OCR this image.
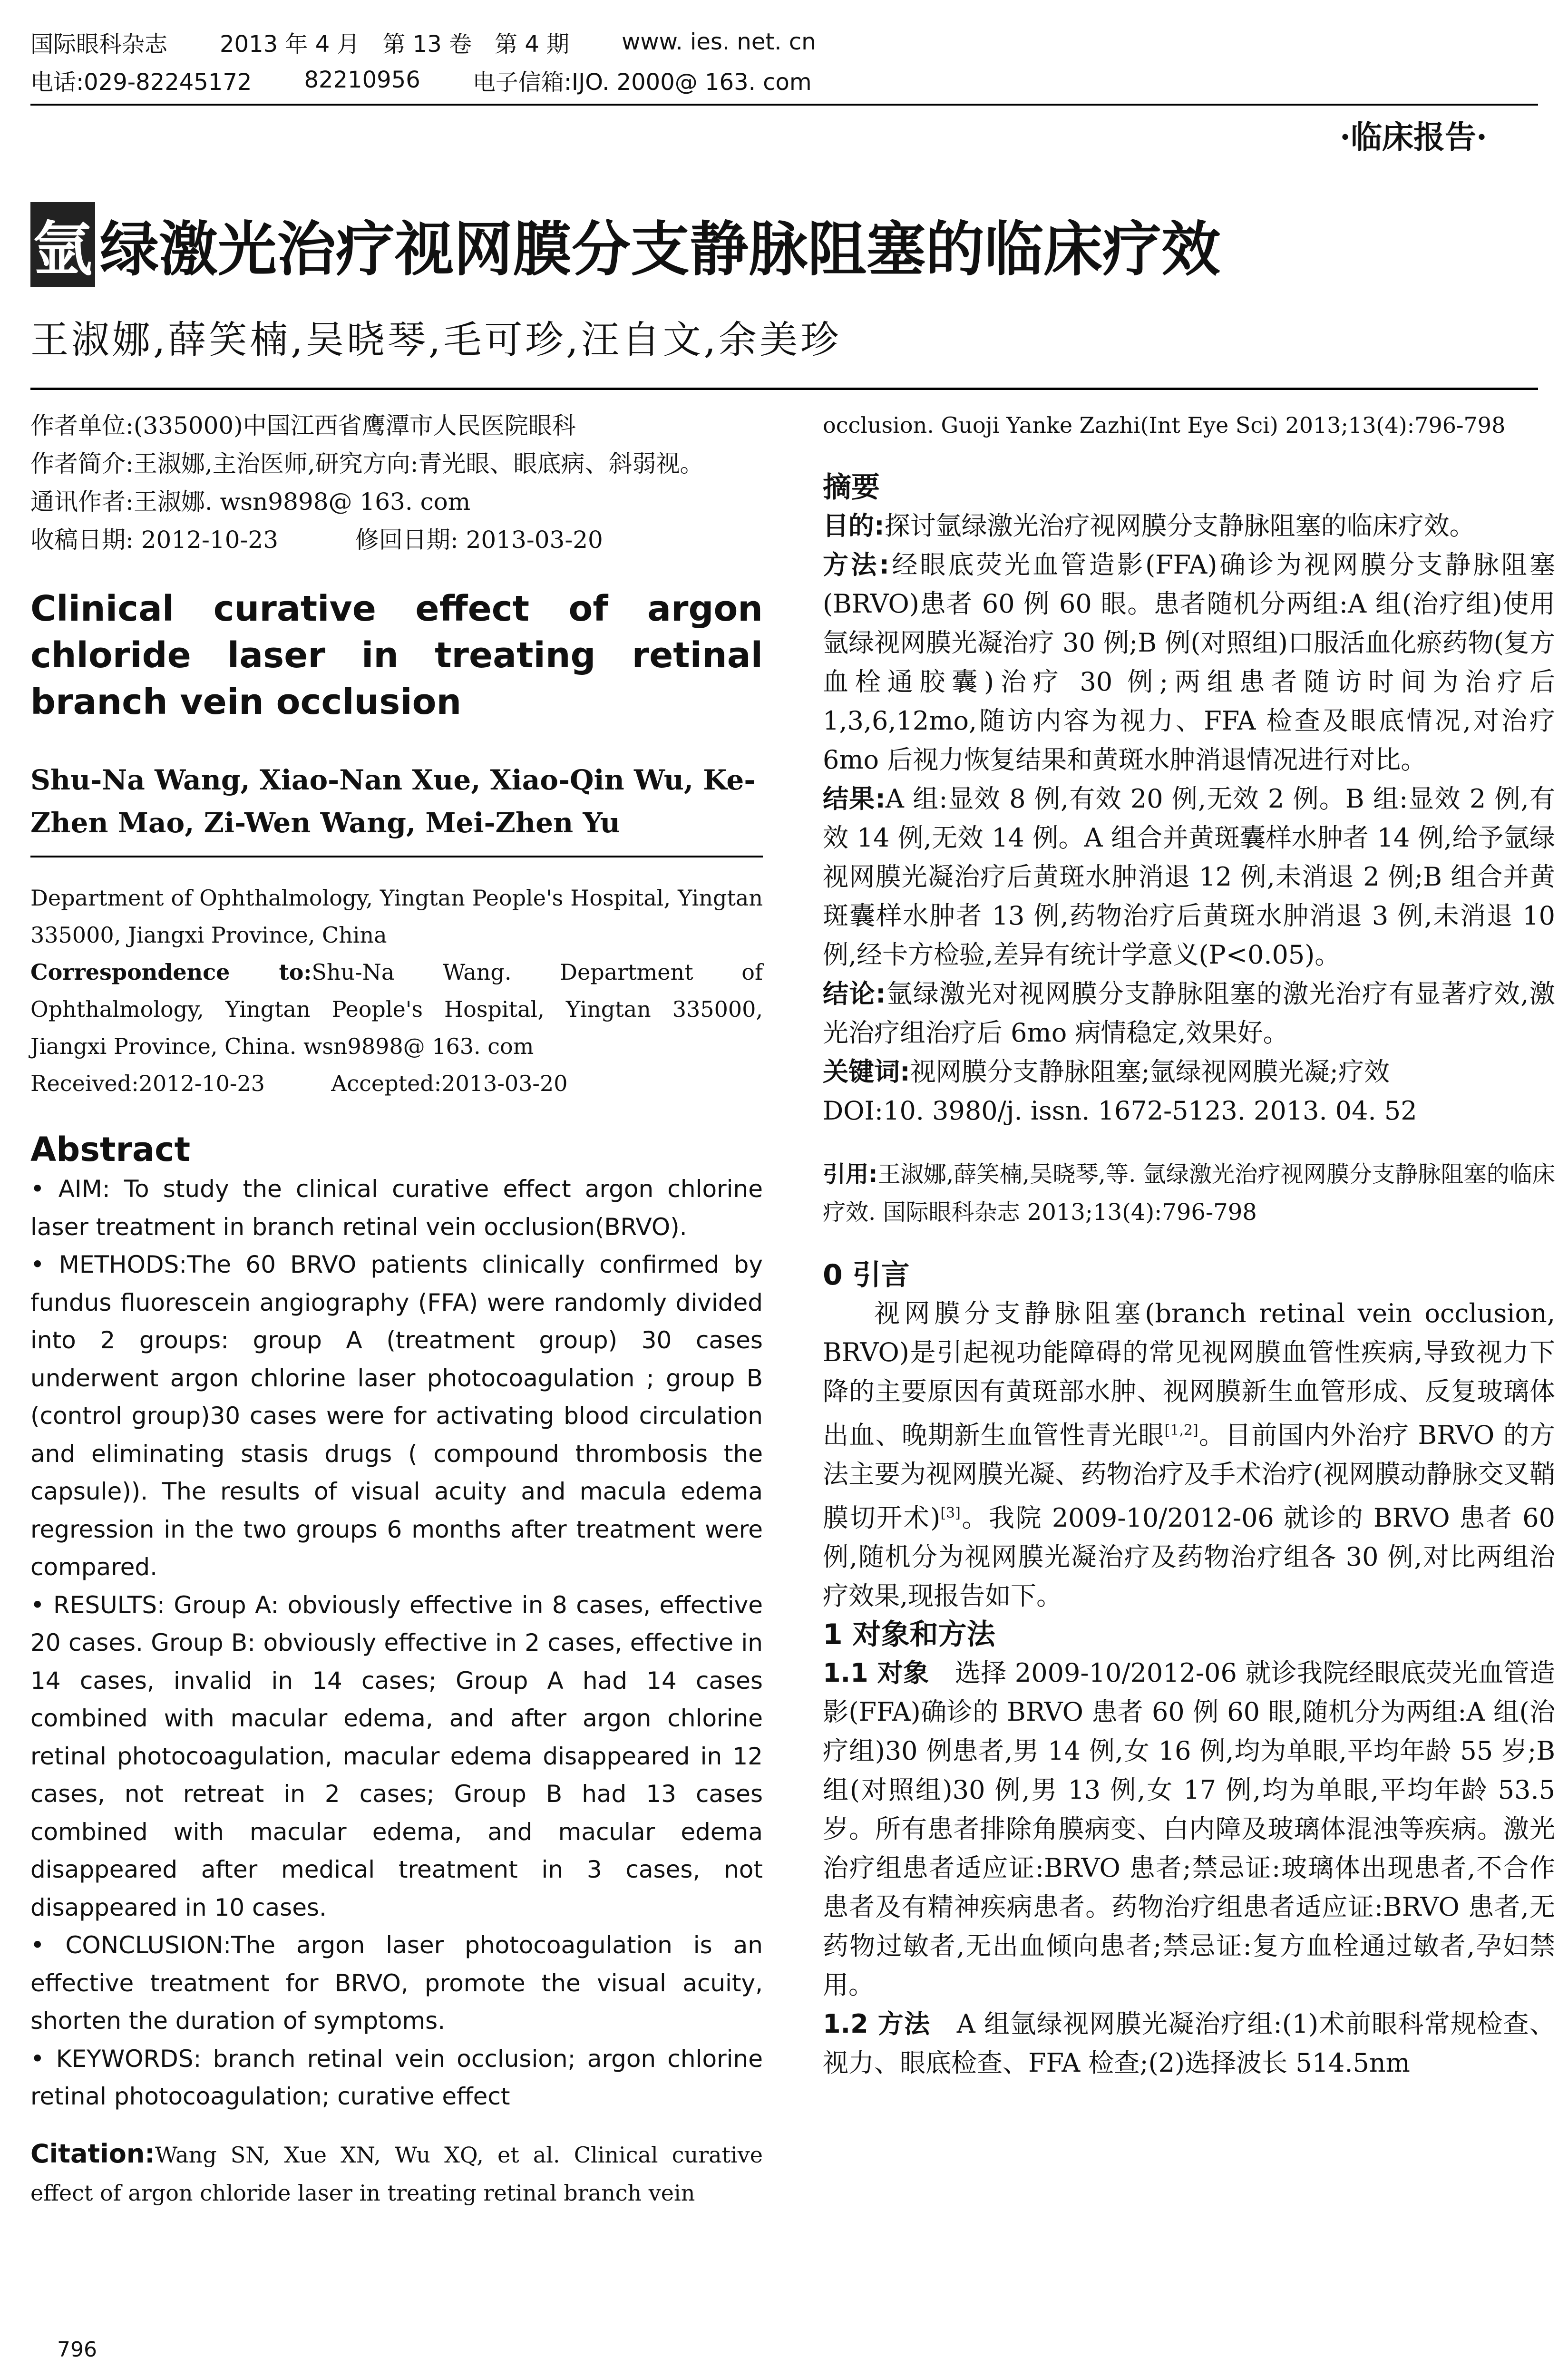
国际眼科杂志 2013 年 4 月　第 13 卷　第 4 期 www. ies. net. cn
电话:029-82245172 82210956 电子信箱:IJO. 2000@ 163. com
·临床报告·
氩 绿激光治疗视网膜分支静脉阻塞的临床疗效
王淑娜,薛笑楠,吴晓琴,毛可珍,汪自文,余美珍

作者单位:(335000)中国江西省鹰潭市人民医院眼科

作者简介:王淑娜,主治医师,研究方向:青光眼、眼底病、斜弱视。

通讯作者:王淑娜. wsn9898@ 163. com

收稿日期: 2012-10-23	修回日期: 2013-03-20

Clinical curative effect of argon chloride laser in treating retinal branch vein occlusion

Shu-Na Wang, Xiao-Nan Xue, Xiao-Qin Wu, Ke-Zhen Mao, Zi-Wen Wang, Mei-Zhen Yu

Department of Ophthalmology, Yingtan People's Hospital, Yingtan 335000, Jiangxi Province, China

Correspondence to:Shu-Na Wang. Department of Ophthalmology, Yingtan People's Hospital, Yingtan 335000, Jiangxi Province, China. wsn9898@ 163. com

Received:2012-10-23	Accepted:2013-03-20

Abstract

• AIM: To study the clinical curative effect argon chlorine laser treatment in branch retinal vein occlusion(BRVO).

• METHODS:The 60 BRVO patients clinically confirmed by fundus fluorescein angiography (FFA) were randomly divided into 2 groups: group A (treatment group) 30 cases underwent argon chlorine laser photocoagulation ; group B (control group)30 cases were for activating blood circulation and eliminating stasis drugs ( compound thrombosis the capsule)). The results of visual acuity and macula edema regression in the two groups 6 months after treatment were compared.

• RESULTS: Group A: obviously effective in 8 cases, effective 20 cases. Group B: obviously effective in 2 cases, effective in 14 cases, invalid in 14 cases; Group A had 14 cases combined with macular edema, and after argon chlorine retinal photocoagulation, macular edema disappeared in 12 cases, not retreat in 2 cases; Group B had 13 cases combined with macular edema, and macular edema disappeared after medical treatment in 3 cases, not disappeared in 10 cases.

• CONCLUSION:The argon laser photocoagulation is an effective treatment for BRVO, promote the visual acuity, shorten the duration of symptoms.

• KEYWORDS: branch retinal vein occlusion; argon chlorine retinal photocoagulation; curative effect

Citation:Wang SN, Xue XN, Wu XQ, et al. Clinical curative effect of argon chloride laser in treating retinal branch vein

occlusion. Guoji Yanke Zazhi(Int Eye Sci) 2013;13(4):796-798

摘要

目的:探讨氩绿激光治疗视网膜分支静脉阻塞的临床疗效。

方法:经眼底荧光血管造影(FFA)确诊为视网膜分支静脉阻塞(BRVO)患者 60 例 60 眼。患者随机分两组:A 组(治疗组)使用氩绿视网膜光凝治疗 30 例;B 例(对照组)口服活血化瘀药物(复方血栓通胶囊)治疗 30 例;两组患者随访时间为治疗后 1,3,6,12mo,随访内容为视力、FFA 检查及眼底情况,对治疗 6mo 后视力恢复结果和黄斑水肿消退情况进行对比。

结果:A 组:显效 8 例,有效 20 例,无效 2 例。B 组:显效 2 例,有效 14 例,无效 14 例。A 组合并黄斑囊样水肿者 14 例,给予氩绿视网膜光凝治疗后黄斑水肿消退 12 例,未消退 2 例;B 组合并黄斑囊样水肿者 13 例,药物治疗后黄斑水肿消退 3 例,未消退 10 例,经卡方检验,差异有统计学意义(P<0.05)。

结论:氩绿激光对视网膜分支静脉阻塞的激光治疗有显著疗效,激光治疗组治疗后 6mo 病情稳定,效果好。

关键词:视网膜分支静脉阻塞;氩绿视网膜光凝;疗效

DOI:10. 3980/j. issn. 1672-5123. 2013. 04. 52

引用:王淑娜,薛笑楠,吴晓琴,等. 氩绿激光治疗视网膜分支静脉阻塞的临床疗效. 国际眼科杂志 2013;13(4):796-798

0 引言

视网膜分支静脉阻塞(branch retinal vein occlusion, BRVO)是引起视功能障碍的常见视网膜血管性疾病,导致视力下降的主要原因有黄斑部水肿、视网膜新生血管形成、反复玻璃体出血、晚期新生血管性青光眼[1,2]。目前国内外治疗 BRVO 的方法主要为视网膜光凝、药物治疗及手术治疗(视网膜动静脉交叉鞘膜切开术)[3]。我院 2009-10/2012-06 就诊的 BRVO 患者 60 例,随机分为视网膜光凝治疗及药物治疗组各 30 例,对比两组治疗效果,现报告如下。

1 对象和方法

1.1 对象　 选择 2009-10/2012-06 就诊我院经眼底荧光血管造影(FFA)确诊的 BRVO 患者 60 例 60 眼,随机分为两组:A 组(治疗组)30 例患者,男 14 例,女 16 例,均为单眼,平均年龄 55 岁;B 组(对照组)30 例,男 13 例,女 17 例,均为单眼,平均年龄 53.5 岁。所有患者排除角膜病变、白内障及玻璃体混浊等疾病。激光治疗组患者适应证:BRVO 患者;禁忌证:玻璃体出现患者,不合作患者及有精神疾病患者。药物治疗组患者适应证:BRVO 患者,无药物过敏者,无出血倾向患者;禁忌证:复方血栓通过敏者,孕妇禁用。

1.2 方法　 A 组氩绿视网膜光凝治疗组:(1)术前眼科常规检查、视力、眼底检查、FFA 检查;(2)选择波长 514.5nm

796
